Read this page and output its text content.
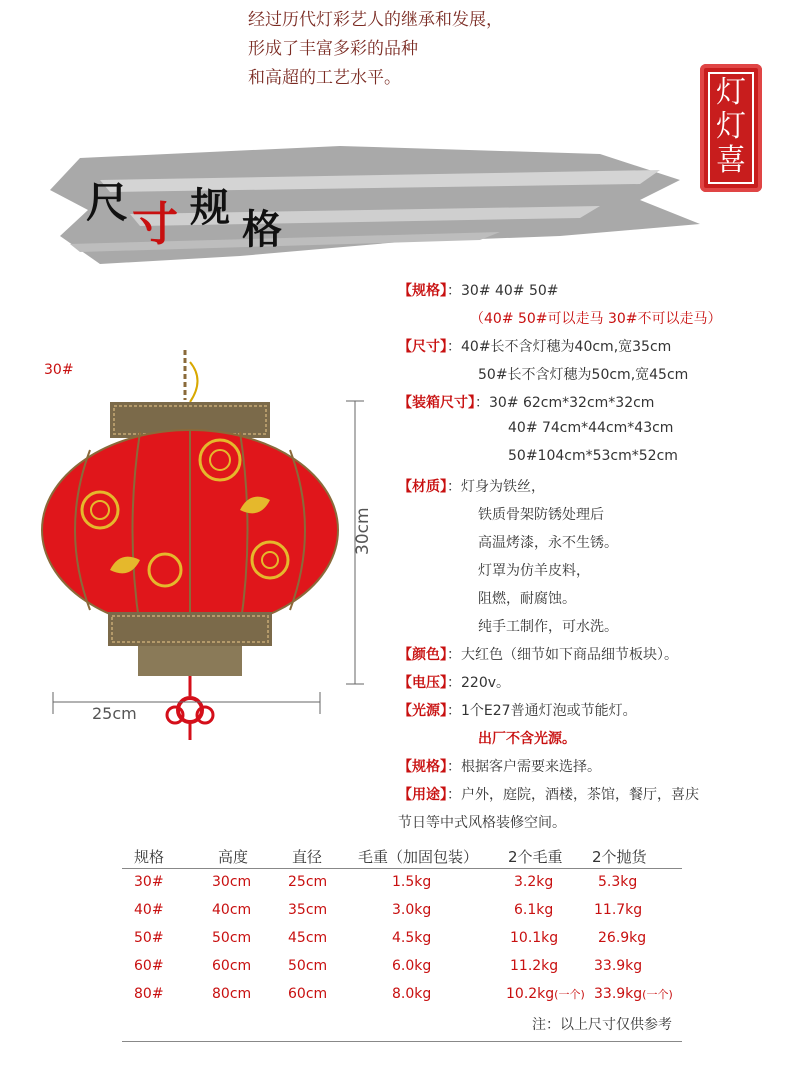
经过历代灯彩艺人的继承和发展，
形成了丰富多彩的品种
和高超的工艺水平。	灯
灯
喜
尺 寸 规 格
30#
30cm
25cm
【规格】：30# 40# 50#
（40# 50#可以走马 30#不可以走马）
【尺寸】：40#长不含灯穗为40cm,宽35cm
50#长不含灯穗为50cm,宽45cm
【装箱尺寸】：30# 62cm*32cm*32cm
40# 74cm*44cm*43cm
50#104cm*53cm*52cm
【材质】：灯身为铁丝，
铁质骨架防锈处理后
高温烤漆，永不生锈。
灯罩为仿羊皮料，
阻燃，耐腐蚀。
纯手工制作，可水洗。
【颜色】：大红色（细节如下商品细节板块）。
【电压】：220v。
【光源】：1个E27普通灯泡或节能灯。
出厂不含光源。
【规格】：根据客户需要来选择。
【用途】：户外，庭院，酒楼，茶馆，餐厅，喜庆
节日等中式风格装修空间。
规格	高度	直径 毛重（加固包装） 2个毛重 2个抛货
30#	30cm	25cm	1.5kg	3.2kg	5.3kg
40#	40cm	35cm	3.0kg	6.1kg	11.7kg
50#	50cm	45cm	4.5kg	10.1kg	26.9kg
60#	60cm	50cm	6.0kg	11.2kg	33.9kg
80#	80cm	60cm	8.0kg	10.2kg(一个) 33.9kg(一个)
注：以上尺寸仅供参考
